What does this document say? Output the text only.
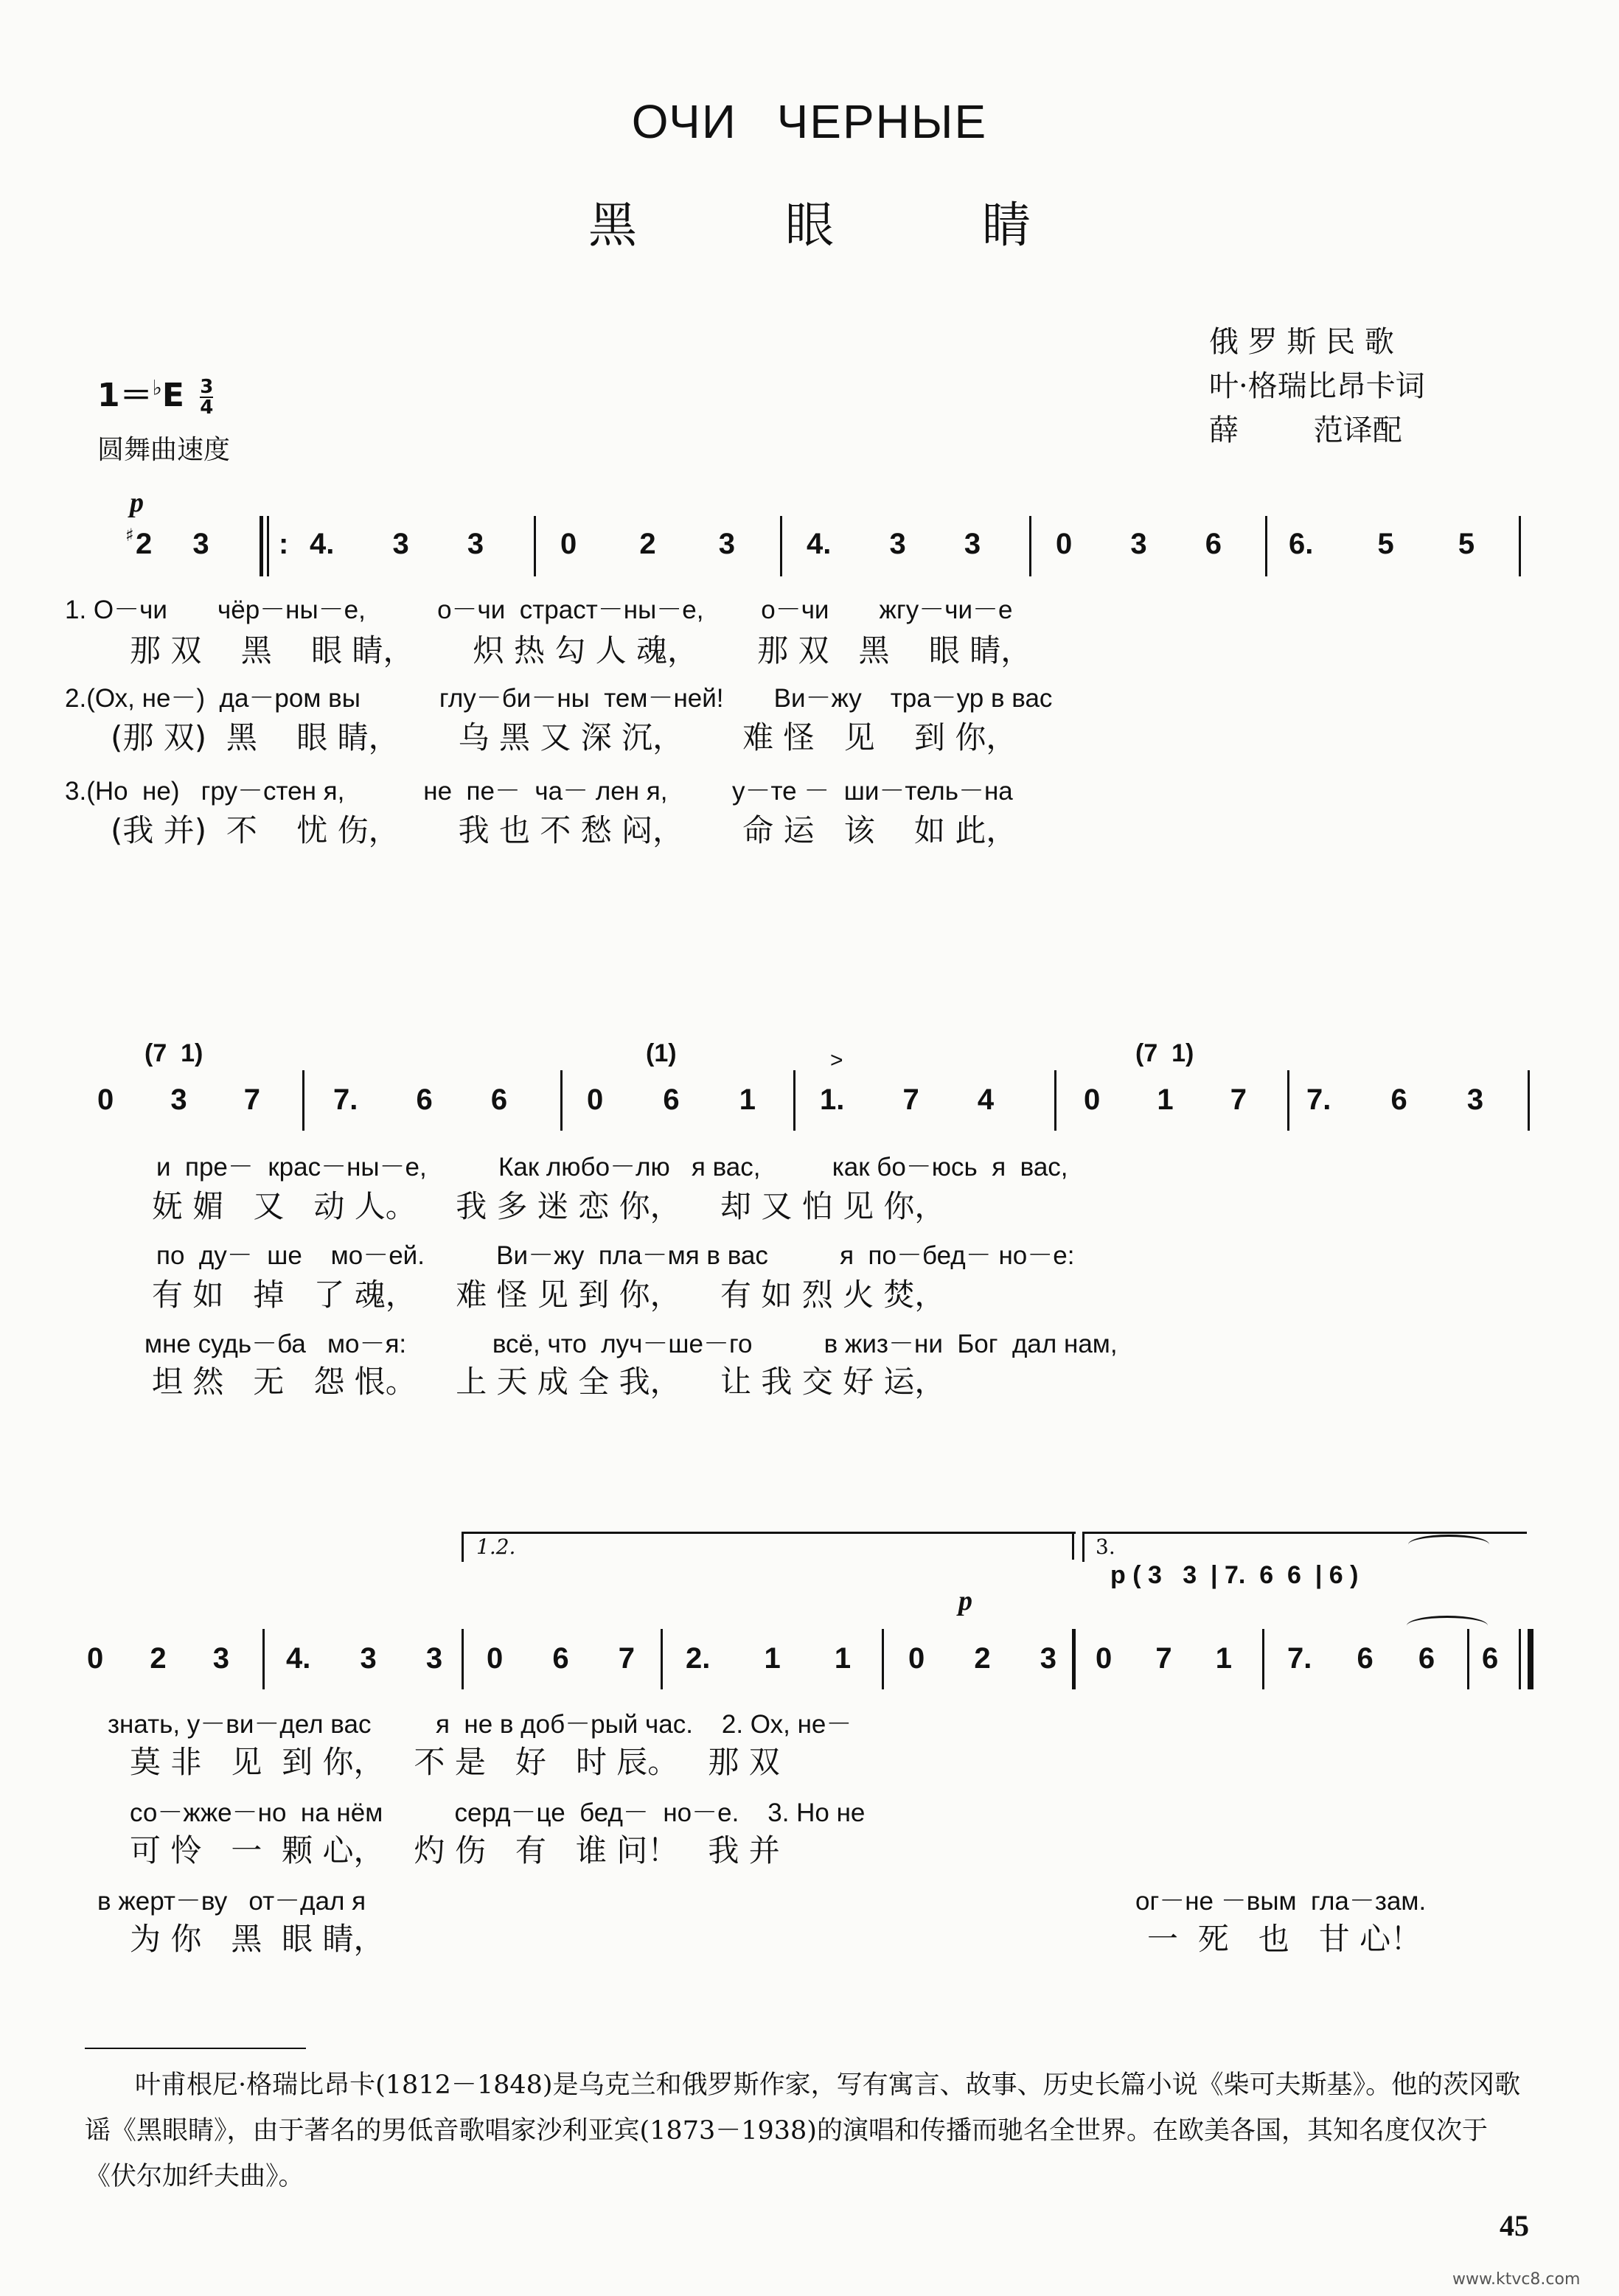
ОЧИ ЧЕРНЫЕ
黑 眼 睛
俄 罗 斯 民 歌
叶·格瑞比昂卡词
薛        范译配
$1=^♭E \frac{3}{4}$
圆舞曲速度
p
♯ 2 3 : 4. 3 3	0 2 3 4. 3 3	0 3 6 6. 5 5
1. О－чи       чёр－ны－е,          о－чи  страст－ны－е,        о－чи       жгу－чи－е
那 双    黑    眼 睛，      炽 热 勾 人 魂，      那 双   黑    眼 睛，
2.(Ох, не－)  да－ром вы           глу－би－ны  тем－ней!       Ви－жу    тра－ур в вас
(那 双)  黑    眼 睛，      乌 黑 又 深 沉，      难 怪   见    到 你，
3.(Но  не)   гру－стен я,           не  пе－  ча－ лен я,         у－те －  ши－тель－на
(我 并)  不    忧 伤，      我 也 不 愁 闷，      命 运   该    如 此，
(7  1)	(1)	>	(7  1)
0 3 7 7. 6 6	0 6 1 1. 7 4	0 1 7 7. 6 3
и  пре－  крас－ны－е,          Как любо－лю   я вас,          как бо－юсь  я  вас,
妩 媚   又   动 人。    我 多 迷 恋 你，    却 又 怕 见 你，
по  ду－  ше    мо－ей.          Ви－жу  пла－мя в вас          я  по－бед－ но－е:
有 如   掉   了 魂，    难 怪 见 到 你，    有 如 烈 火 焚，
мне судь－ба   мо－я:            всё, что  луч－ше－го          в жиз－ни  Бог  дал нам,
坦 然   无   怨 恨。    上 天 成 全 我，    让 我 交 好 运，
1.2.	3.
p ( 3   3  | 7.  6  6  | 6 )
p
0 2 3 4. 3 3 0 6 7 2. 1 1 0 2 3 0 7 1 7. 6 6 6
знать, у－ви－дел вас         я  не в доб－рый час.    2. Ох, не－
莫 非   见  到 你，   不 是   好   时 辰。   那 双
со－жже－но  на нём          серд－це  бед－  но－е.    3. Но не
可 怜   一  颗 心，   灼 伤   有   谁 问！   我 并
в жерт－ву   от－дал я
为 你   黑  眼 睛，
ог－не －вым  гла－зам.
一  死   也   甘 心！
叶甫根尼·格瑞比昂卡(1812－1848)是乌克兰和俄罗斯作家，写有寓言、故事、历史长篇小说《柴可夫斯基》。他的茨冈歌谣《黑眼睛》，由于著名的男低音歌唱家沙利亚宾(1873－1938)的演唱和传播而驰名全世界。在欧美各国，其知名度仅次于《伏尔加纤夫曲》。
45
www.ktvc8.com
